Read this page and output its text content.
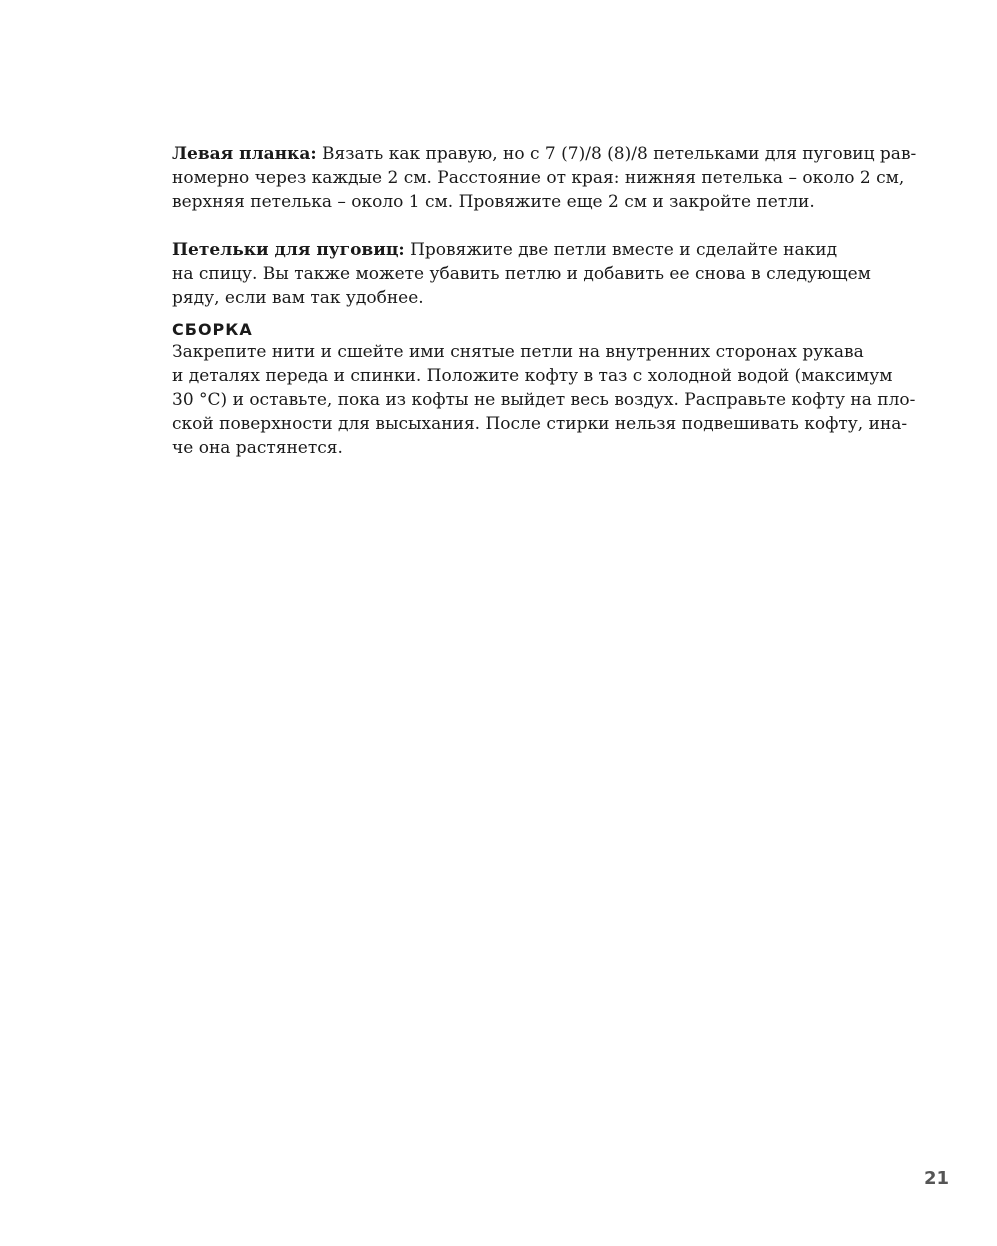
Левая планка: Вязать как правую, но с 7 (7)/8 (8)/8 петельками для пуговиц рав-
номерно через каждые 2 см. Расстояние от края: нижняя петелька – около 2 см,
верхняя петелька – около 1 см. Провяжите еще 2 см и закройте петли.

Петельки для пуговиц: Провяжите две петли вместе и сделайте накид
на спицу. Вы также можете убавить петлю и добавить ее снова в следующем
ряду, если вам так удобнее.

СБОРКА

Закрепите нити и сшейте ими снятые петли на внутренних сторонах рукава
и деталях переда и спинки. Положите кофту в таз с холодной водой (максимум
30 °С) и оставьте, пока из кофты не выйдет весь воздух. Расправьте кофту на пло-
ской поверхности для высыхания. После стирки нельзя подвешивать кофту, ина-
че она растянется.

21
